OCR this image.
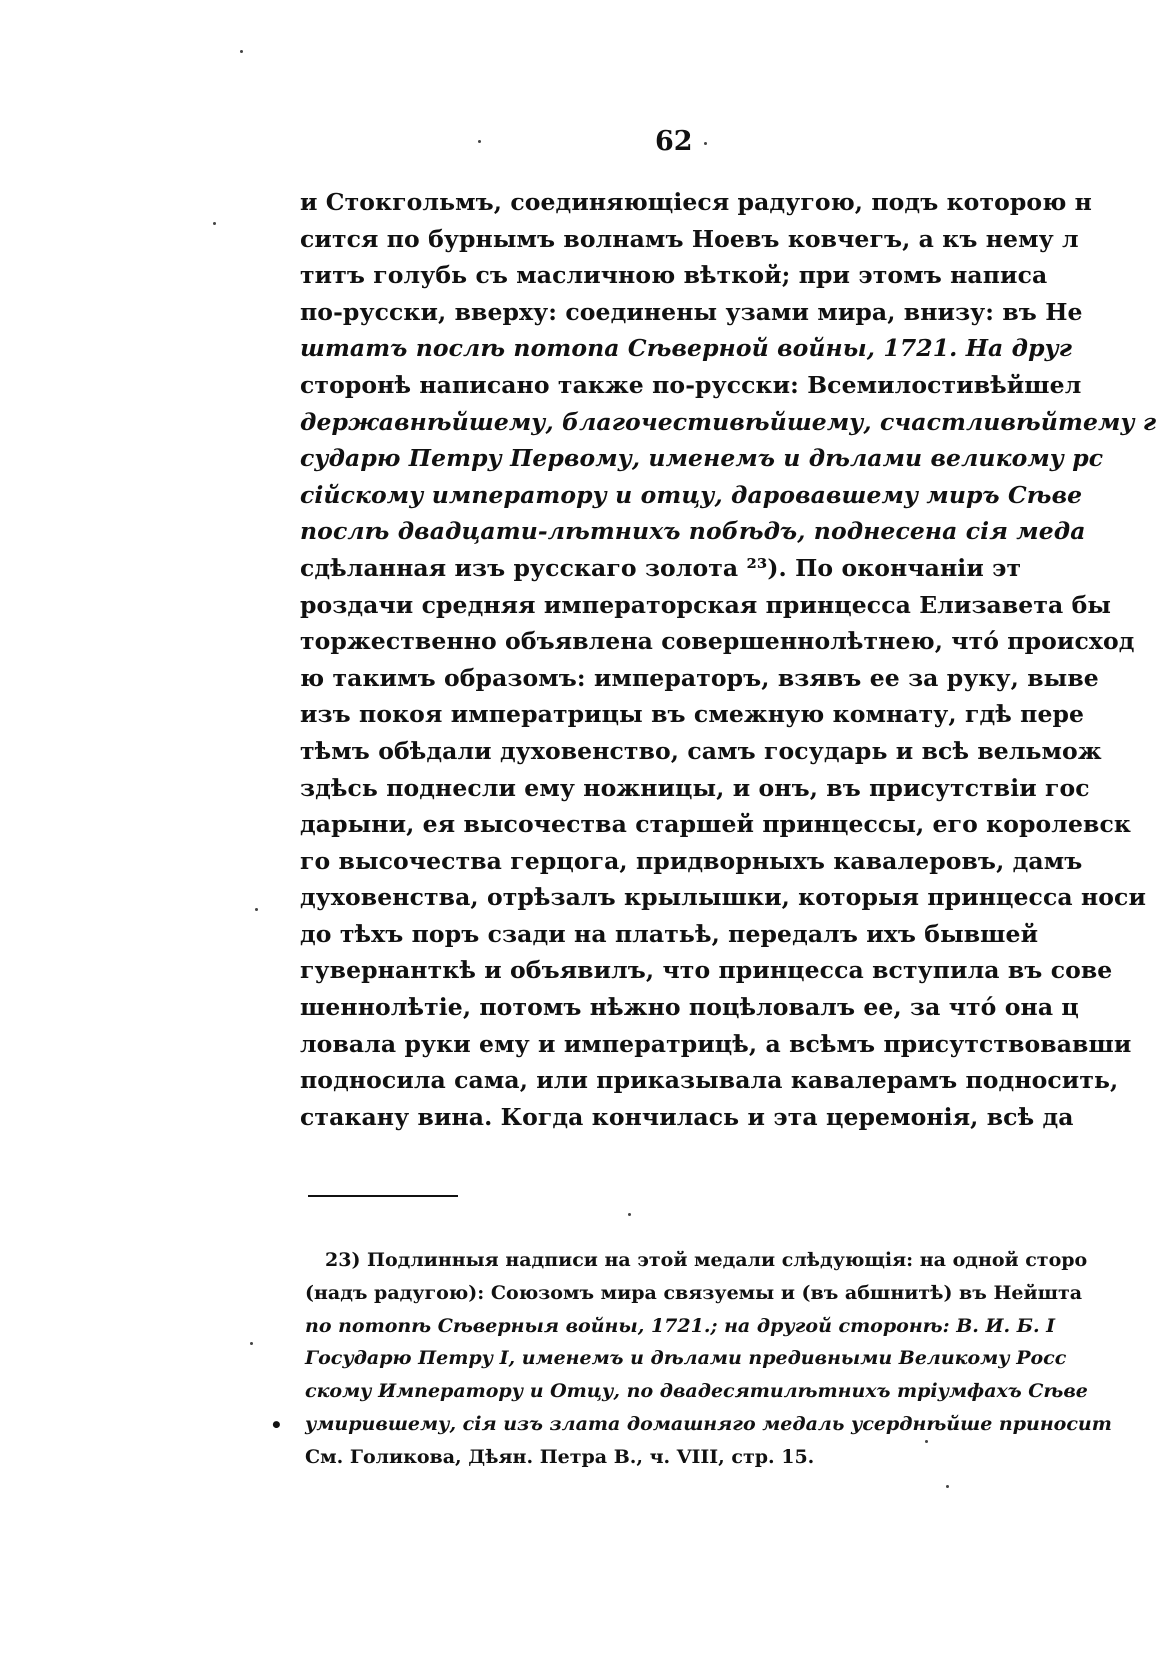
62
и Стокгольмъ, соединяющіеся радугою, подъ которою н
сится по бурнымъ волнамъ Ноевъ ковчегъ, а къ нему л
титъ голубь съ масличною вѣткой; при этомъ написа
по-русски, вверху: соединены узами мира, внизу: въ Не
штатъ послѣ потопа Сѣверной войны, 1721. На друг
сторонѣ написано также по-русски: Всемилостивѣйшел
державнѣйшему, благочестивѣйшему, счастливѣйтему г
сударю Петру Первому, именемъ и дѣлами великому рс
сійскому императору и отцу, даровавшему миръ Сѣве
послѣ двадцати-лѣтнихъ побѣдъ, поднесена сія меда
сдѣланная изъ русскаго золота ²³). По окончаніи эт
роздачи средняя императорская принцесса Елизавета бы
торжественно объявлена совершеннолѣтнею, чтó происход
ю такимъ образомъ: императоръ, взявъ ее за руку, выве
изъ покоя императрицы въ смежную комнату, гдѣ пере
тѣмъ обѣдали духовенство, самъ государь и всѣ вельмож
здѣсь поднесли ему ножницы, и онъ, въ присутствіи гос
дарыни, ея высочества старшей принцессы, его королевск
го высочества герцога, придворныхъ кавалеровъ, дамъ
духовенства, отрѣзалъ крылышки, которыя принцесса носи
до тѣхъ поръ сзади на платьѣ, передалъ ихъ бывшей
гувернанткѣ и объявилъ, что принцесса вступила въ сове
шеннолѣтіе, потомъ нѣжно поцѣловалъ ее, за чтó она ц
ловала руки ему и императрицѣ, а всѣмъ присутствовавши
подносила сама, или приказывала кавалерамъ подносить,
стакану вина. Когда кончилась и эта церемонія, всѣ да
23) Подлинныя надписи на этой медали слѣдующія: на одной сторо
(надъ радугою): Союзомъ мира связуемы и (въ абшнитѣ) въ Нейшта
по потопѣ Сѣверныя войны, 1721.; на другой сторонѣ: В. И. Б. I
Государю Петру I, именемъ и дѣлами предивными Великому Росс
скому Императору и Отцу, по двадесятилѣтнихъ тріумфахъ Сѣве
умирившему, сія изъ злата домашняго медаль усерднѣйше приносит
См. Голикова, Дѣян. Петра В., ч. VIII, стр. 15.
•
